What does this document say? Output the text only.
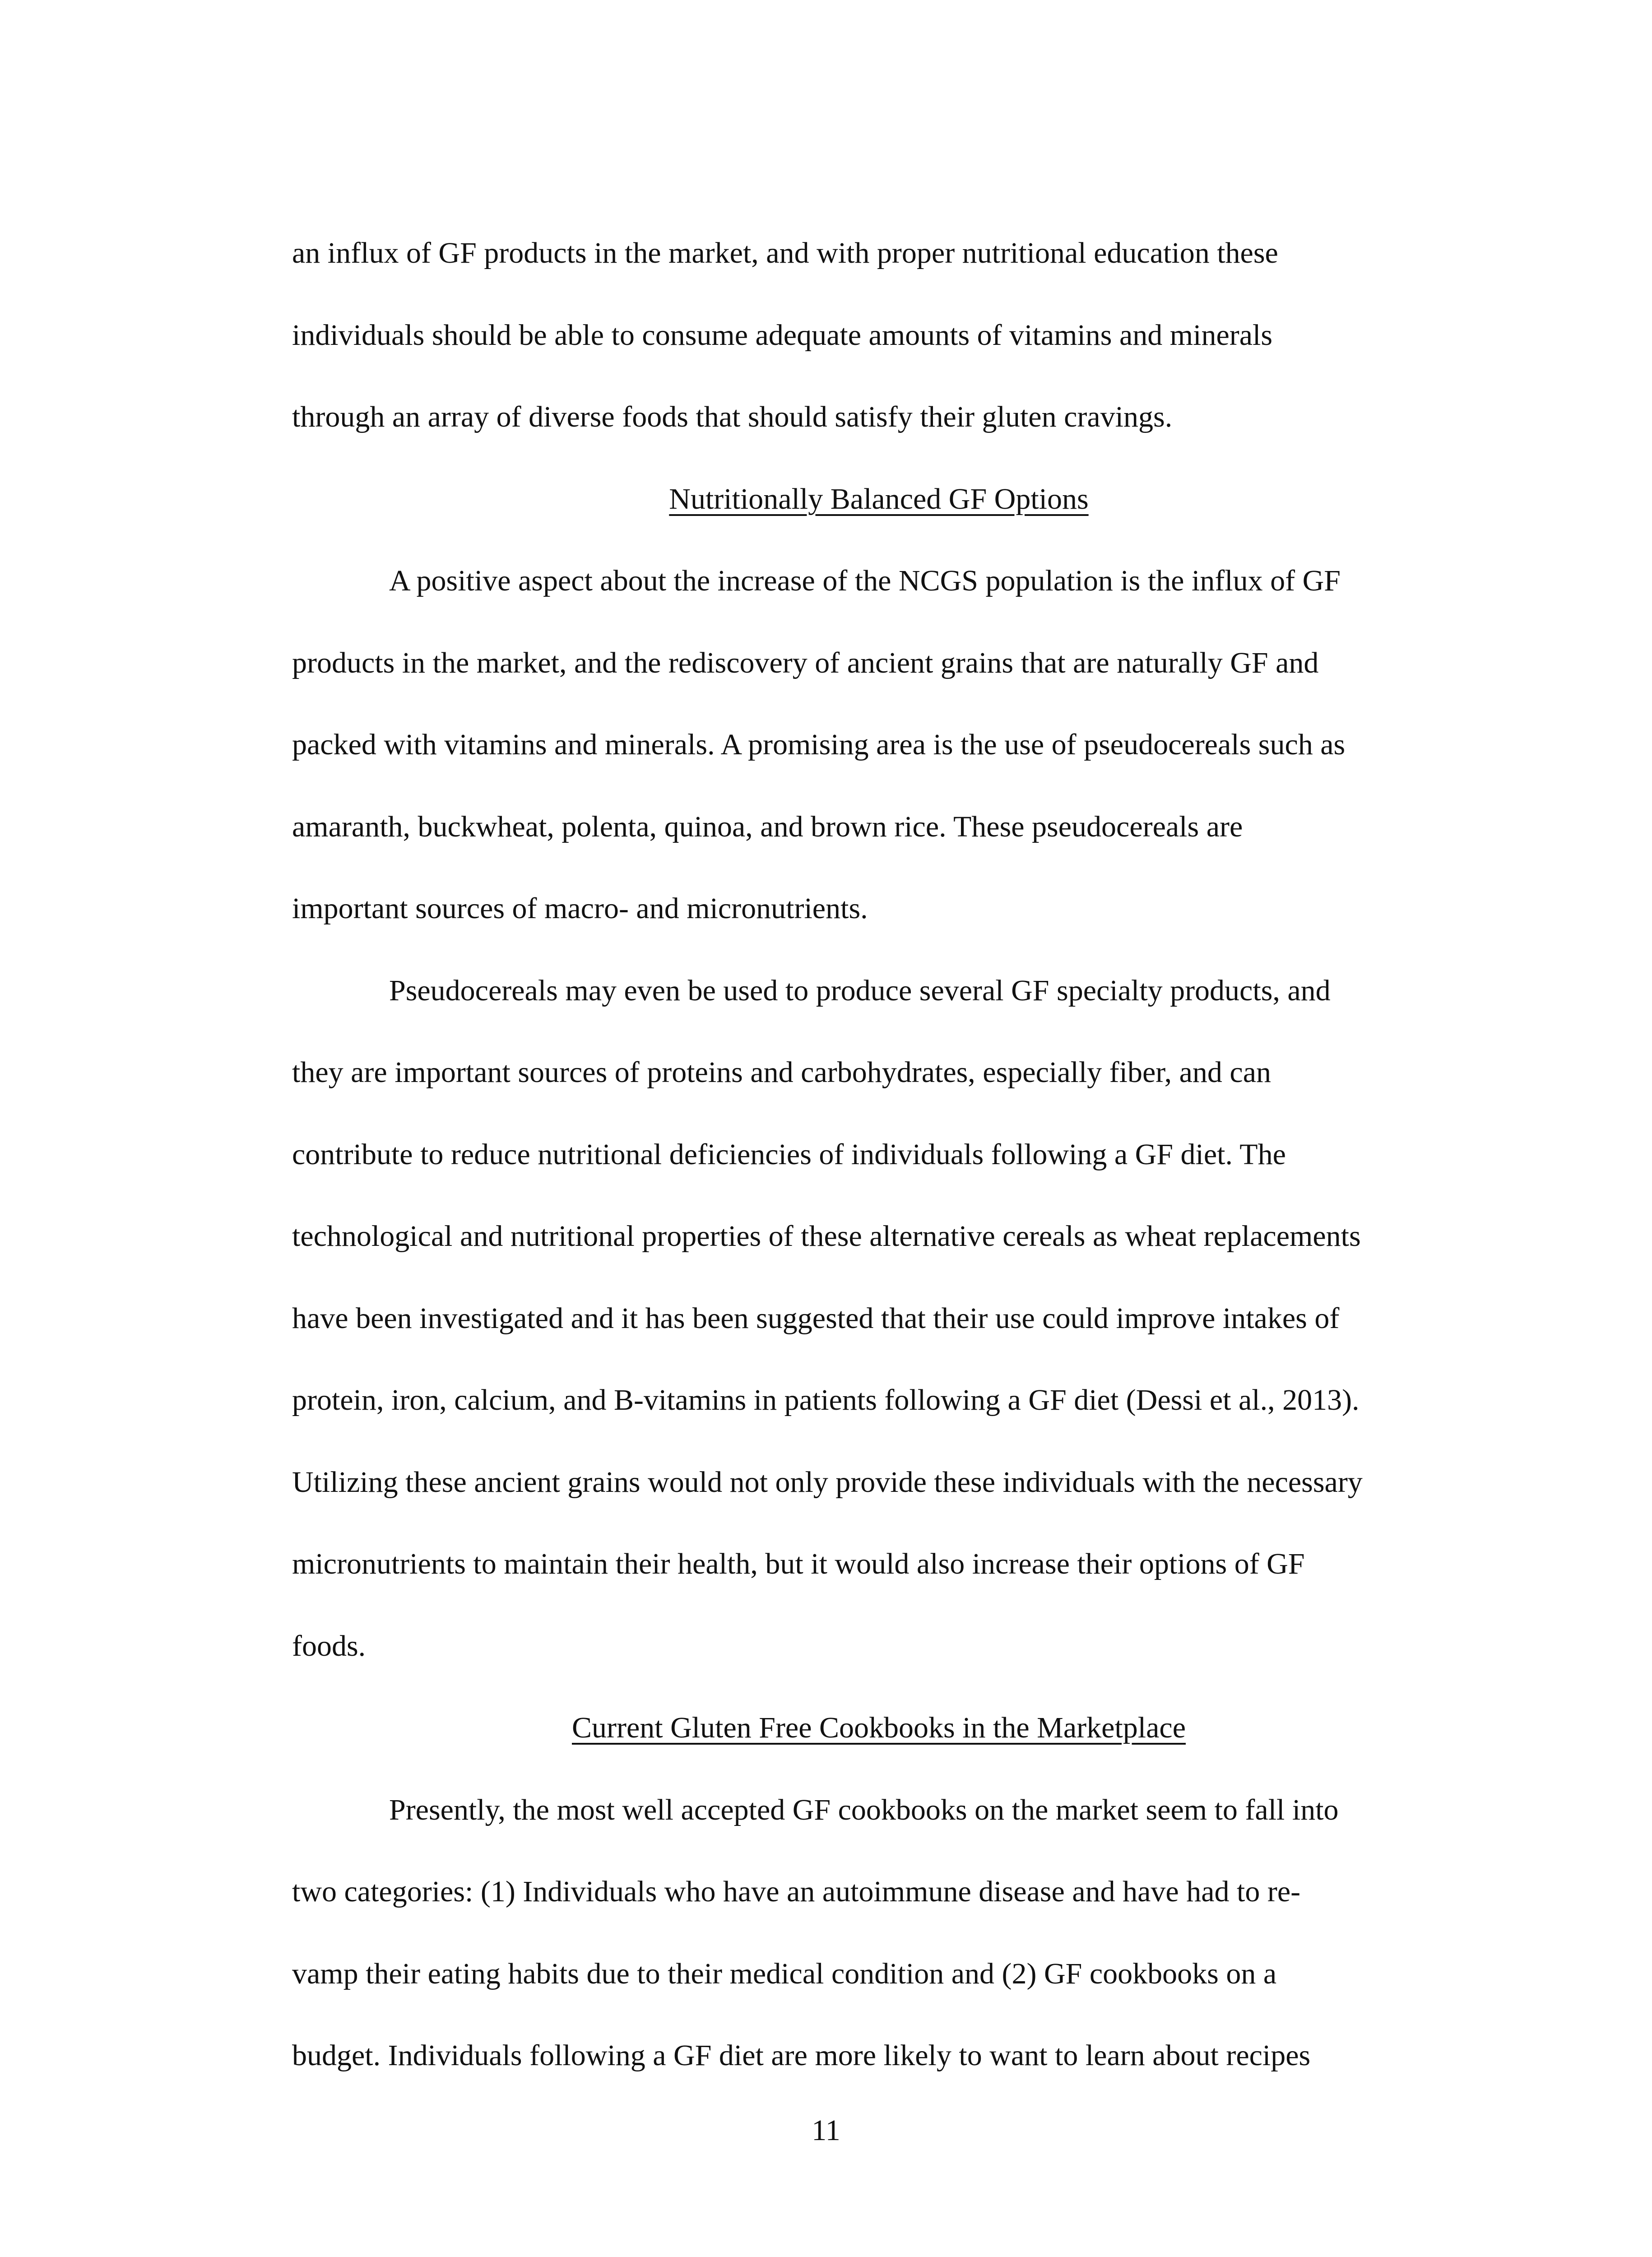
an influx of GF products in the market, and with proper nutritional education these
individuals should be able to consume adequate amounts of vitamins and minerals
through an array of diverse foods that should satisfy their gluten cravings.
Nutritionally Balanced GF Options
A positive aspect about the increase of the NCGS population is the influx of GF
products in the market, and the rediscovery of ancient grains that are naturally GF and
packed with vitamins and minerals. A promising area is the use of pseudocereals such as
amaranth, buckwheat, polenta, quinoa, and brown rice. These pseudocereals are
important sources of macro- and micronutrients.
Pseudocereals may even be used to produce several GF specialty products, and
they are important sources of proteins and carbohydrates, especially fiber, and can
contribute to reduce nutritional deficiencies of individuals following a GF diet. The
technological and nutritional properties of these alternative cereals as wheat replacements
have been investigated and it has been suggested that their use could improve intakes of
protein, iron, calcium, and B-vitamins in patients following a GF diet (Dessi et al., 2013).
Utilizing these ancient grains would not only provide these individuals with the necessary
micronutrients to maintain their health, but it would also increase their options of GF
foods.
Current Gluten Free Cookbooks in the Marketplace
Presently, the most well accepted GF cookbooks on the market seem to fall into
two categories: (1) Individuals who have an autoimmune disease and have had to re-
vamp their eating habits due to their medical condition and (2) GF cookbooks on a
budget. Individuals following a GF diet are more likely to want to learn about recipes
11
